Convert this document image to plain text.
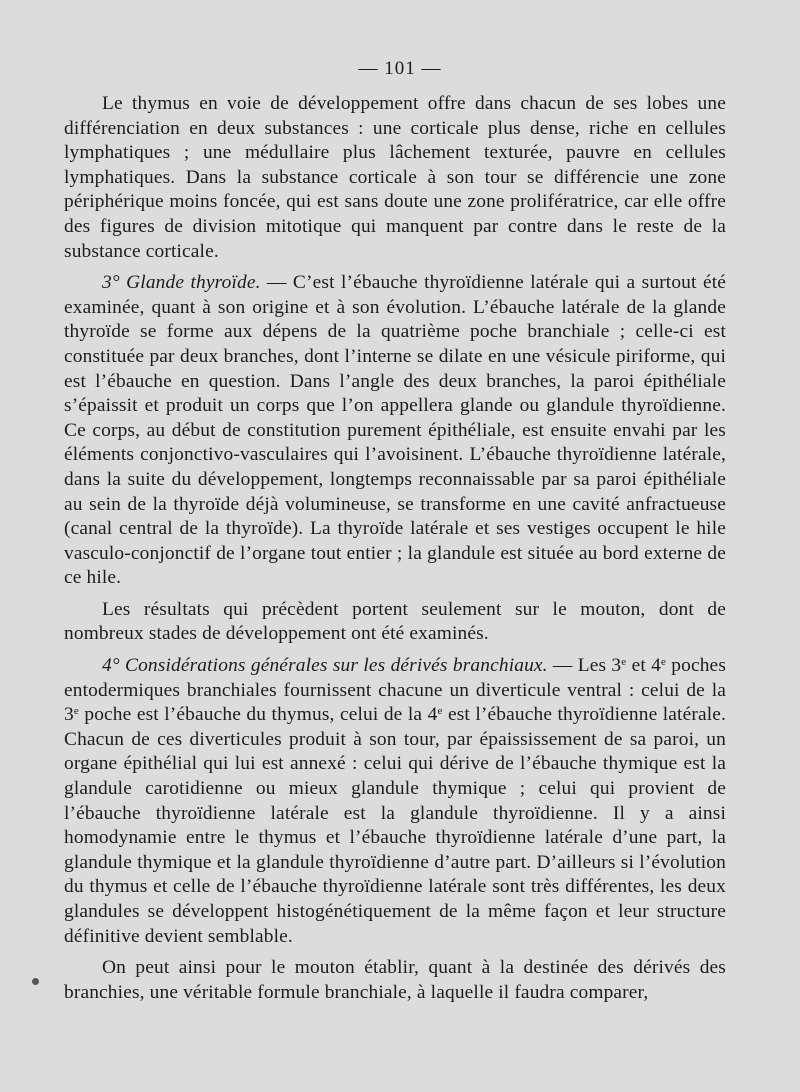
— 101 —

Le thymus en voie de développement offre dans chacun de ses lobes une différenciation en deux substances : une corticale plus dense, riche en cellules lymphatiques ; une médullaire plus lâchement texturée, pauvre en cellules lymphatiques. Dans la substance corticale à son tour se différencie une zone périphérique moins foncée, qui est sans doute une zone prolifératrice, car elle offre des figures de division mitotique qui manquent par contre dans le reste de la substance corticale.

3° Glande thyroïde. — C’est l’ébauche thyroïdienne latérale qui a surtout été examinée, quant à son origine et à son évolution. L’ébauche latérale de la glande thyroïde se forme aux dépens de la quatrième poche branchiale ; celle-ci est constituée par deux branches, dont l’interne se dilate en une vésicule piriforme, qui est l’ébauche en question. Dans l’angle des deux branches, la paroi épithéliale s’épaissit et produit un corps que l’on appellera glande ou glandule thyroïdienne. Ce corps, au début de constitution purement épithéliale, est ensuite envahi par les éléments conjonctivo-vasculaires qui l’avoisinent. L’ébauche thyroïdienne latérale, dans la suite du développement, longtemps reconnaissable par sa paroi épithéliale au sein de la thyroïde déjà volumineuse, se transforme en une cavité anfractueuse (canal central de la thyroïde). La thyroïde latérale et ses vestiges occupent le hile vasculo-conjonctif de l’organe tout entier ; la glandule est située au bord externe de ce hile.

Les résultats qui précèdent portent seulement sur le mouton, dont de nombreux stades de développement ont été examinés.

4° Considérations générales sur les dérivés branchiaux. — Les 3e et 4e poches entodermiques branchiales fournissent chacune un diverticule ventral : celui de la 3e poche est l’ébauche du thymus, celui de la 4e est l’ébauche thyroïdienne latérale. Chacun de ces diverticules produit à son tour, par épaississement de sa paroi, un organe épithélial qui lui est annexé : celui qui dérive de l’ébauche thymique est la glandule carotidienne ou mieux glandule thymique ; celui qui provient de l’ébauche thyroïdienne latérale est la glandule thyroïdienne. Il y a ainsi homodynamie entre le thymus et l’ébauche thyroïdienne latérale d’une part, la glandule thymique et la glandule thyroïdienne d’autre part. D’ailleurs si l’évolution du thymus et celle de l’ébauche thyroïdienne latérale sont très différentes, les deux glandules se développent histogénétiquement de la même façon et leur structure définitive devient semblable.

On peut ainsi pour le mouton établir, quant à la destinée des dérivés des branchies, une véritable formule branchiale, à laquelle il faudra comparer,
